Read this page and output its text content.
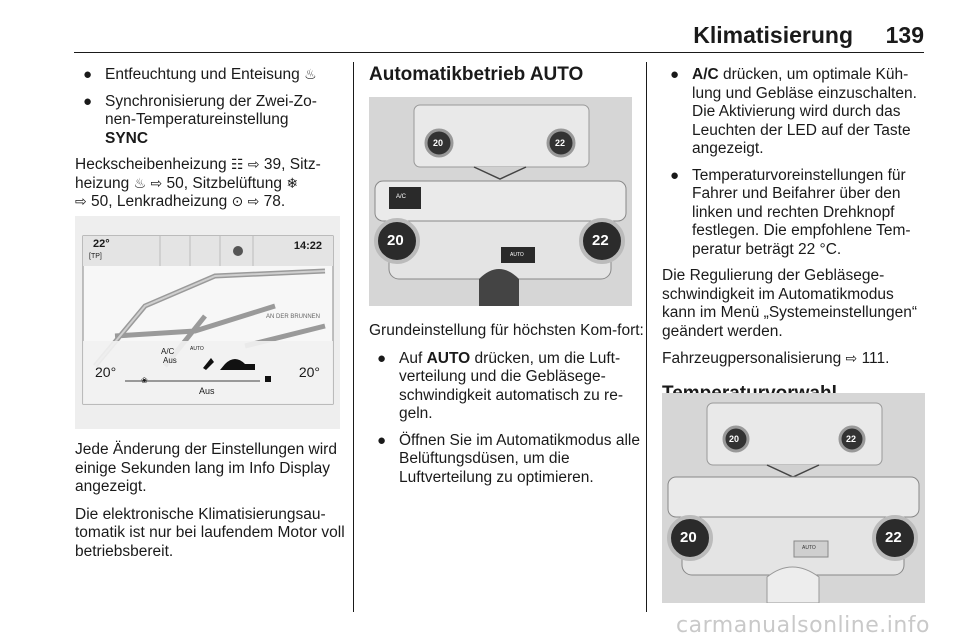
Klimatisierung 139
● Entfeuchtung und Enteisung ♨
● Synchronisierung der Zwei-Zo-nen-Temperatureinstellung
SYNC

Heckscheibenheizung ☷ ⇨ 39, Sitz-
heizung ♨ ⇨ 50, Sitzbelüftung ❄
⇨ 50, Lenkradheizung ⊙ ⇨ 78.

22°
[TP]
14:22
AN DER BRUNNEN
20°	20°
A/C
Aus
AUTO
❀
Aus

Jede Änderung der Einstellungen wird einige Sekunden lang im Info Display angezeigt.

Die elektronische Klimatisierungsau-tomatik ist nur bei laufendem Motor voll betriebsbereit.

Automatikbetrieb AUTO
20	22
A/C
20	22
AUTO

Grundeinstellung für höchsten Kom-fort:

● Auf AUTO drücken, um die Luft-verteilung und die Gebläsege-schwindigkeit automatisch zu re-geln.
● Öffnen Sie im Automatikmodus alle Belüftungsdüsen, um die Luftverteilung zu optimieren.
● A/C drücken, um optimale Küh-lung und Gebläse einzuschalten. Die Aktivierung wird durch das Leuchten der LED auf der Taste angezeigt.
● Temperaturvoreinstellungen für Fahrer und Beifahrer über den linken und rechten Drehknopf festlegen. Die empfohlene Tem-peratur beträgt 22 °C.

Die Regulierung der Gebläsege-schwindigkeit im Automatikmodus kann im Menü „Systemeinstellungen“ geändert werden.

Fahrzeugpersonalisierung ⇨ 111.

20	22
20	22
AUTO
carmanualsonline.info
